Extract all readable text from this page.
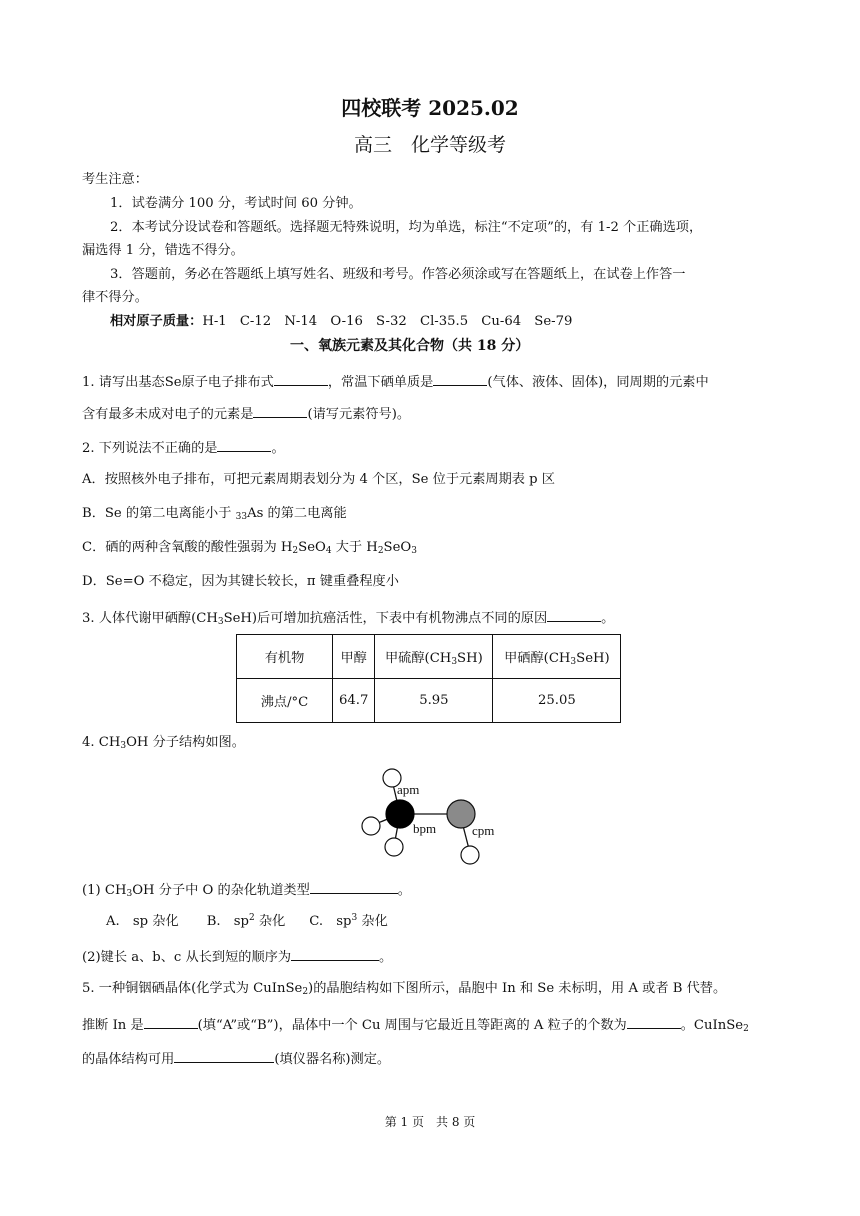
四校联考 2025.02
高三　化学等级考
考生注意：
1．试卷满分 100 分，考试时间 60 分钟。
2．本考试分设试卷和答题纸。选择题无特殊说明，均为单选，标注“不定项”的，有 1-2 个正确选项，
漏选得 1 分，错选不得分。
3．答题前，务必在答题纸上填写姓名、班级和考号。作答必须涂或写在答题纸上，在试卷上作答一
律不得分。
相对原子质量：H-1　C-12　N-14　O-16　S-32　Cl-35.5　Cu-64　Se-79
一、氧族元素及其化合物（共 18 分）
1. 请写出基态Se原子电子排布式	，常温下硒单质是	(气体、液体、固体)，同周期的元素中
含有最多未成对电子的元素是	(请写元素符号)。
2. 下列说法不正确的是	。
A．按照核外电子排布，可把元素周期表划分为 4 个区，Se 位于元素周期表 p 区
B．Se 的第二电离能小于 $_{33}$As 的第二电离能
C．硒的两种含氧酸的酸性强弱为 $H_2SeO_4$ 大于 $H_2SeO_3$
D．Se=O 不稳定，因为其键长较长，π 键重叠程度小
3. 人体代谢甲硒醇$(CH_3SeH)$后可增加抗癌活性，下表中有机物沸点不同的原因	。
有机物	甲醇	甲硫醇$(CH_3SH)$	甲硒醇$(CH_3SeH)$
沸点/°C	64.7	5.95	25.05
4. $CH_3OH$ 分子结构如图。
apm
bpm	cpm
(1) $CH_3OH$ 分子中 O 的杂化轨道类型	。
A.　sp 杂化 B.　$sp^2$ 杂化 C.　$sp^3$ 杂化
(2)键长 a、b、c 从长到短的顺序为	。
5. 一种铜铟硒晶体(化学式为 CuInSe$_2$)的晶胞结构如下图所示，晶胞中 In 和 Se 未标明，用 A 或者 B 代替。
推断 In 是	(填“A”或“B”)，晶体中一个 Cu 周围与它最近且等距离的 A 粒子的个数为	。CuInSe$_2$
的晶体结构可用	(填仪器名称)测定。
第 1 页　共 8 页
